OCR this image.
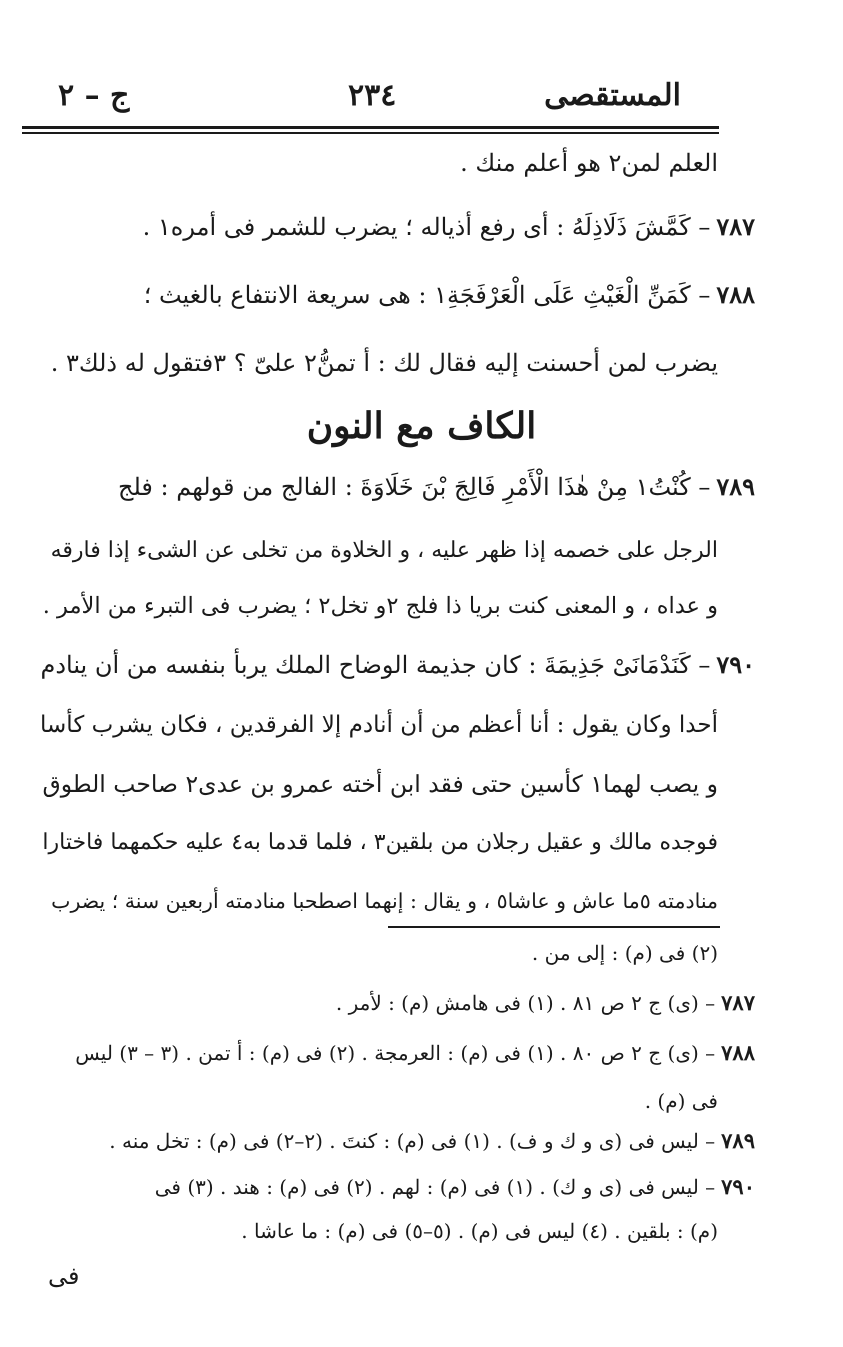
المستقصى
٢٣٤
ج – ٢
العلم لمن٢ هو أعلم منك .
٧٨٧– كَمَّشَ ذَلَاذِلَهُ : أى رفع أذياله ؛ يضرب للشمر فى أمره١ .
٧٨٨– كَمَنِّ الْغَيْثِ عَلَى الْعَرْفَجَةِ١ : هى سريعة الانتفاع بالغيث ؛
يضرب لمن أحسنت إليه فقال لك : أ تمنُّ٢ علىّ ؟ ٣فتقول له ذلك٣ .
الكاف مع النون
٧٨٩– كُنْتُ١ مِنْ هٰذَا الْأَمْرِ فَالِجَ بْنَ خَلَاوَةَ : الفالج من قولهم : فلج
الرجل على خصمه إذا ظهر عليه ، و الخلاوة من تخلى عن الشىء إذا فارقه
و عداه ، و المعنى كنت بريا ذا فلج ٢و تخل٢ ؛ يضرب فى التبرء من الأمر .
٧٩٠– كَنَدْمَانَىْ جَذِيمَةَ : كان جذيمة الوضاح الملك يربأ بنفسه من أن ينادم
أحدا وكان يقول : أنا أعظم من أن أنادم إلا الفرقدين ، فكان يشرب كأسا
و يصب لهما١ كأسين حتى فقد ابن أخته عمرو بن عدى٢ صاحب الطوق
فوجده مالك و عقيل رجلان من بلقين٣ ، فلما قدما به٤ عليه حكمهما فاختارا
منادمته ٥ما عاش و عاشا٥ ، و يقال : إنهما اصطحبا منادمته أربعين سنة ؛ يضرب
(٢) فى (م) : إلى من .
٧٨٧– (ى) ج ٢ ص ٨١ . (١) فى هامش (م) : لأمر .
٧٨٨– (ى) ج ٢ ص ٨٠ . (١) فى (م) : العرمجة . (٢) فى (م) : أ تمن . (٣ – ٣) ليس
فى (م) .
٧٨٩– ليس فى (ى و ك و ف) . (١) فى (م) : كنتَ . (٢–٢) فى (م) : تخل منه .
٧٩٠– ليس فى (ى و ك) . (١) فى (م) : لهم . (٢) فى (م) : هند . (٣) فى
(م) : بلقين . (٤) ليس فى (م) . (٥–٥) فى (م) : ما عاشا .
فى
